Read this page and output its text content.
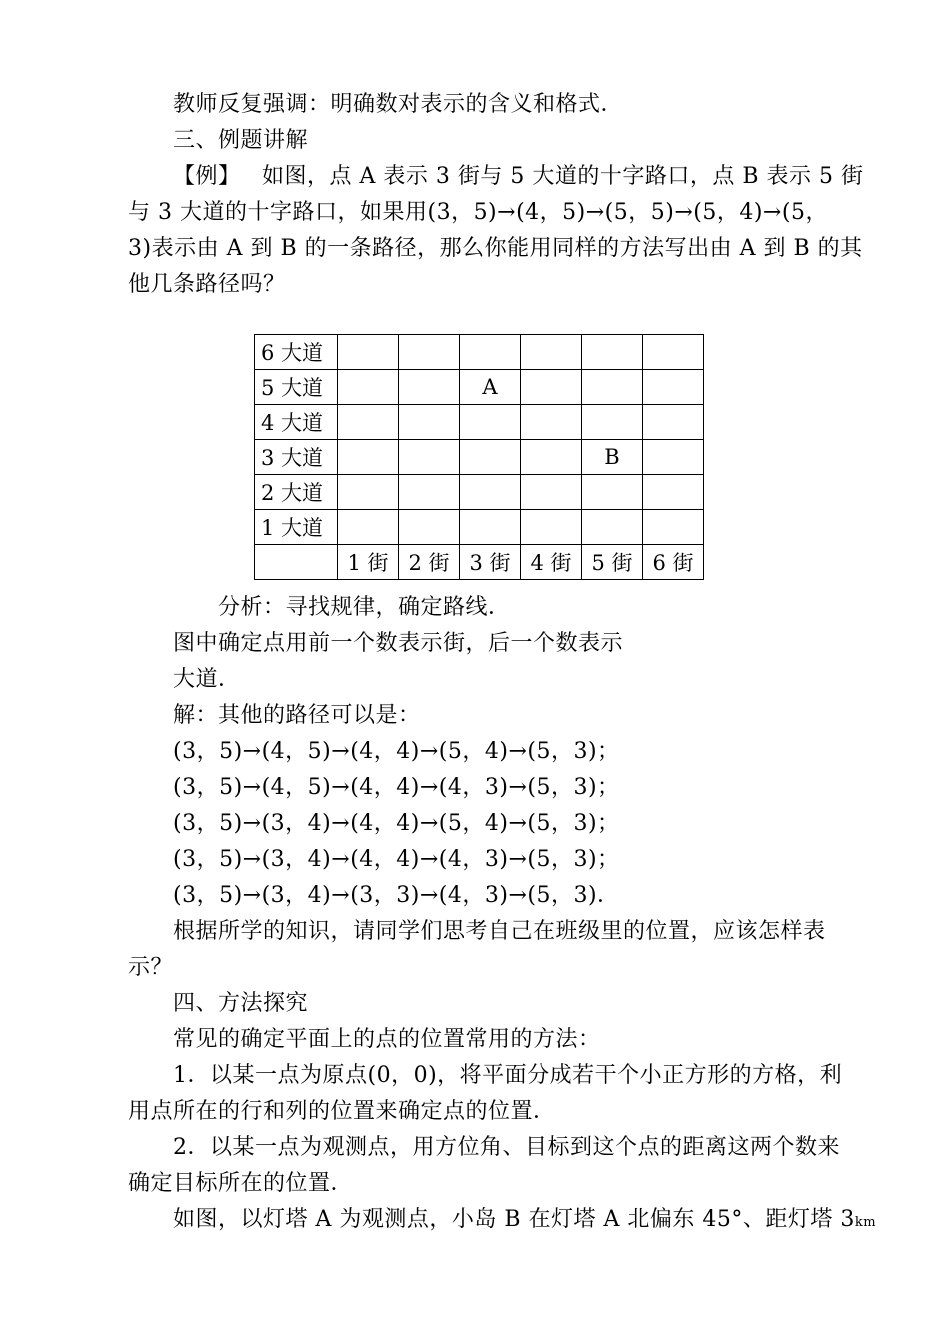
教师反复强调：明确数对表示的含义和格式．
三、例题讲解
【例】 如图，点 A 表示 3 街与 5 大道的十字路口，点 B 表示 5 街
与 3 大道的十字路口，如果用(3，5)→(4，5)→(5，5)→(5，4)→(5，
3)表示由 A 到 B 的一条路径，那么你能用同样的方法写出由 A 到 B 的其
他几条路径吗？
6 大道						
5 大道			A			
4 大道						
3 大道					B	
2 大道						
1 大道						
	1 街	2 街	3 街	4 街	5 街	6 街
分析：寻找规律，确定路线．
图中确定点用前一个数表示街，后一个数表示
大道．
解：其他的路径可以是：
(3，5)→(4，5)→(4，4)→(5，4)→(5，3)；
(3，5)→(4，5)→(4，4)→(4，3)→(5，3)；
(3，5)→(3，4)→(4，4)→(5，4)→(5，3)；
(3，5)→(3，4)→(4，4)→(4，3)→(5，3)；
(3，5)→(3，4)→(3，3)→(4，3)→(5，3)．
根据所学的知识，请同学们思考自己在班级里的位置，应该怎样表
示？
四、方法探究
常见的确定平面上的点的位置常用的方法：
1．以某一点为原点(0，0)，将平面分成若干个小正方形的方格，利
用点所在的行和列的位置来确定点的位置．
2．以某一点为观测点，用方位角、目标到这个点的距离这两个数来
确定目标所在的位置．
如图，以灯塔 A 为观测点，小岛 B 在灯塔 A 北偏东 45°、距灯塔 3km
